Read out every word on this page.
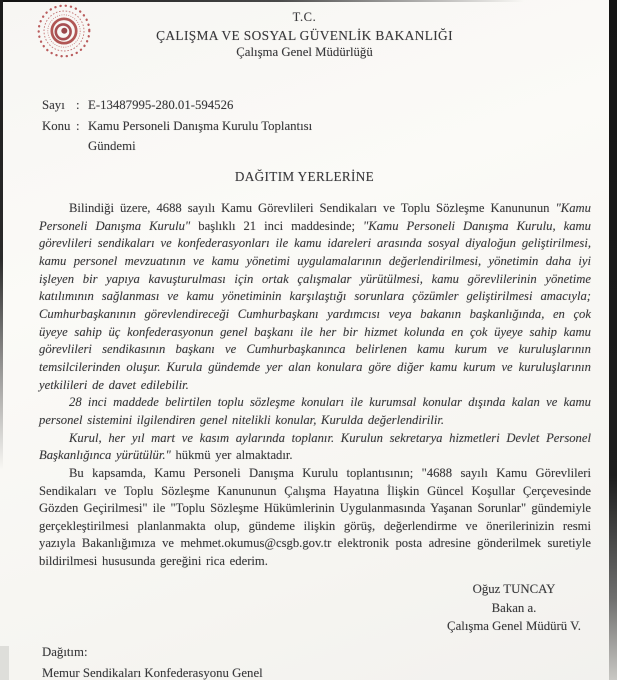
T.C.
ÇALIŞMA VE SOSYAL GÜVENLİK BAKANLIĞI
Çalışma Genel Müdürlüğü
Sayı : E-13487995-280.01-594526
Konu : Kamu Personeli Danışma Kurulu Toplantısı
Gündemi
DAĞITIM YERLERİNE

Bilindiği üzere, 4688 sayılı Kamu Görevlileri Sendikaları ve Toplu Sözleşme Kanununun "Kamu Personeli Danışma Kurulu" başlıklı 21 inci maddesinde; "Kamu Personeli Danışma Kurulu, kamu görevlileri sendikaları ve konfederasyonları ile kamu idareleri arasında sosyal diyaloğun geliştirilmesi, kamu personel mevzuatının ve kamu yönetimi uygulamalarının değerlendirilmesi, yönetimin daha iyi işleyen bir yapıya kavuşturulması için ortak çalışmalar yürütülmesi, kamu görevlilerinin yönetime katılımının sağlanması ve kamu yönetiminin karşılaştığı sorunlara çözümler geliştirilmesi amacıyla; Cumhurbaşkanının görevlendireceği Cumhurbaşkanı yardımcısı veya bakanın başkanlığında, en çok üyeye sahip üç konfederasyonun genel başkanı ile her bir hizmet kolunda en çok üyeye sahip kamu görevlileri sendikasının başkanı ve Cumhurbaşkanınca belirlenen kamu kurum ve kuruluşlarının temsilcilerinden oluşur. Kurula gündemde yer alan konulara göre diğer kamu kurum ve kuruluşlarının yetkilileri de davet edilebilir.

28 inci maddede belirtilen toplu sözleşme konuları ile kurumsal konular dışında kalan ve kamu personel sistemini ilgilendiren genel nitelikli konular, Kurulda değerlendirilir.

Kurul, her yıl mart ve kasım aylarında toplanır. Kurulun sekretarya hizmetleri Devlet Personel Başkanlığınca yürütülür." hükmü yer almaktadır.

Bu kapsamda, Kamu Personeli Danışma Kurulu toplantısının; "4688 sayılı Kamu Görevlileri Sendikaları ve Toplu Sözleşme Kanununun Çalışma Hayatına İlişkin Güncel Koşullar Çerçevesinde Gözden Geçirilmesi" ile "Toplu Sözleşme Hükümlerinin Uygulanmasında Yaşanan Sorunlar" gündemiyle gerçekleştirilmesi planlanmakta olup, gündeme ilişkin görüş, değerlendirme ve önerilerinizin resmi yazıyla Bakanlığımıza ve mehmet.okumus@csgb.gov.tr elektronik posta adresine gönderilmek suretiyle bildirilmesi hususunda gereğini rica ederim.

Oğuz TUNCAY
Bakan a.
Çalışma Genel Müdürü V.
Dağıtım:
Memur Sendikaları Konfederasyonu Genel
